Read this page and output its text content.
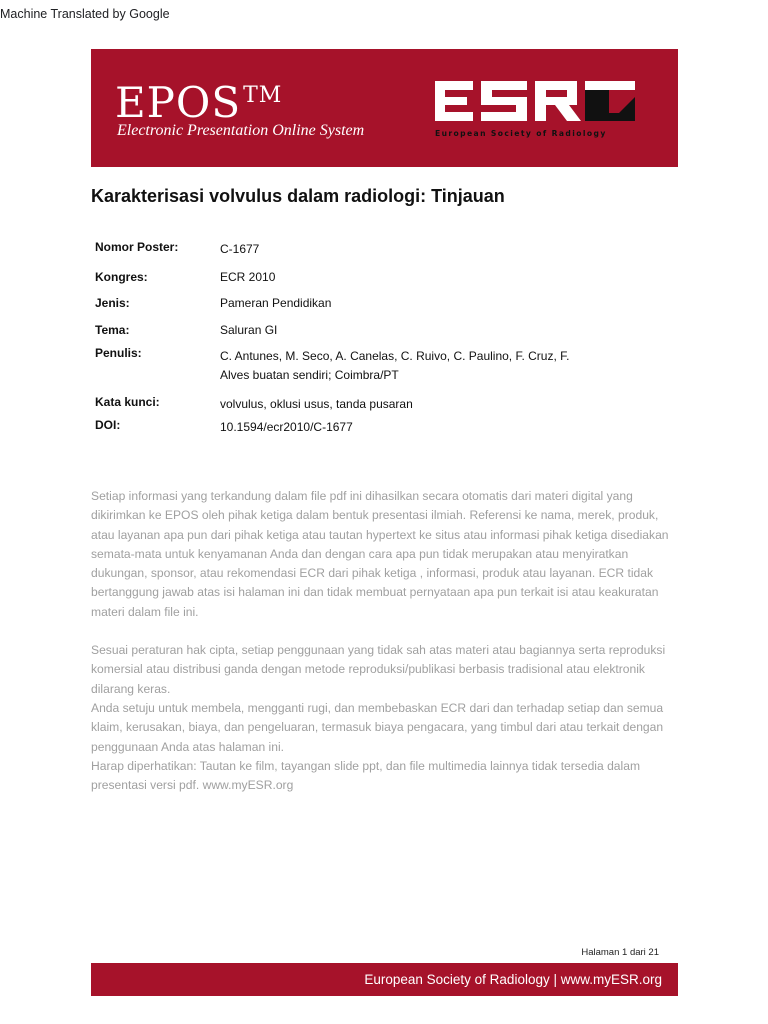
Machine Translated by Google
EPOS™
Electronic Presentation Online System	European Society of Radiology
Karakterisasi volvulus dalam radiologi: Tinjauan
Nomor Poster:	C-1677
Kongres:	ECR 2010
Jenis:	Pameran Pendidikan
Tema:	Saluran GI
Penulis:	C. Antunes, M. Seco, A. Canelas, C. Ruivo, C. Paulino, F. Cruz, F. Alves buatan sendiri; Coimbra/PT
Kata kunci:	volvulus, oklusi usus, tanda pusaran
DOI:	10.1594/ecr2010/C-1677

Setiap informasi yang terkandung dalam file pdf ini dihasilkan secara otomatis dari materi digital yang dikirimkan ke EPOS oleh pihak ketiga dalam bentuk presentasi ilmiah. Referensi ke nama, merek, produk, atau layanan apa pun dari pihak ketiga atau tautan hypertext ke situs atau informasi pihak ketiga disediakan semata-mata untuk kenyamanan Anda dan dengan cara apa pun tidak merupakan atau menyiratkan dukungan, sponsor, atau rekomendasi ECR dari pihak ketiga , informasi, produk atau layanan. ECR tidak bertanggung jawab atas isi halaman ini dan tidak membuat pernyataan apa pun terkait isi atau keakuratan materi dalam file ini.

Sesuai peraturan hak cipta, setiap penggunaan yang tidak sah atas materi atau bagiannya serta reproduksi komersial atau distribusi ganda dengan metode reproduksi/publikasi berbasis tradisional atau elektronik dilarang keras.

Anda setuju untuk membela, mengganti rugi, dan membebaskan ECR dari dan terhadap setiap dan semua klaim, kerusakan, biaya, dan pengeluaran, termasuk biaya pengacara, yang timbul dari atau terkait dengan penggunaan Anda atas halaman ini.

Harap diperhatikan: Tautan ke film, tayangan slide ppt, dan file multimedia lainnya tidak tersedia dalam presentasi versi pdf. www.myESR.org

Halaman 1 dari 21
European Society of Radiology | www.myESR.org
